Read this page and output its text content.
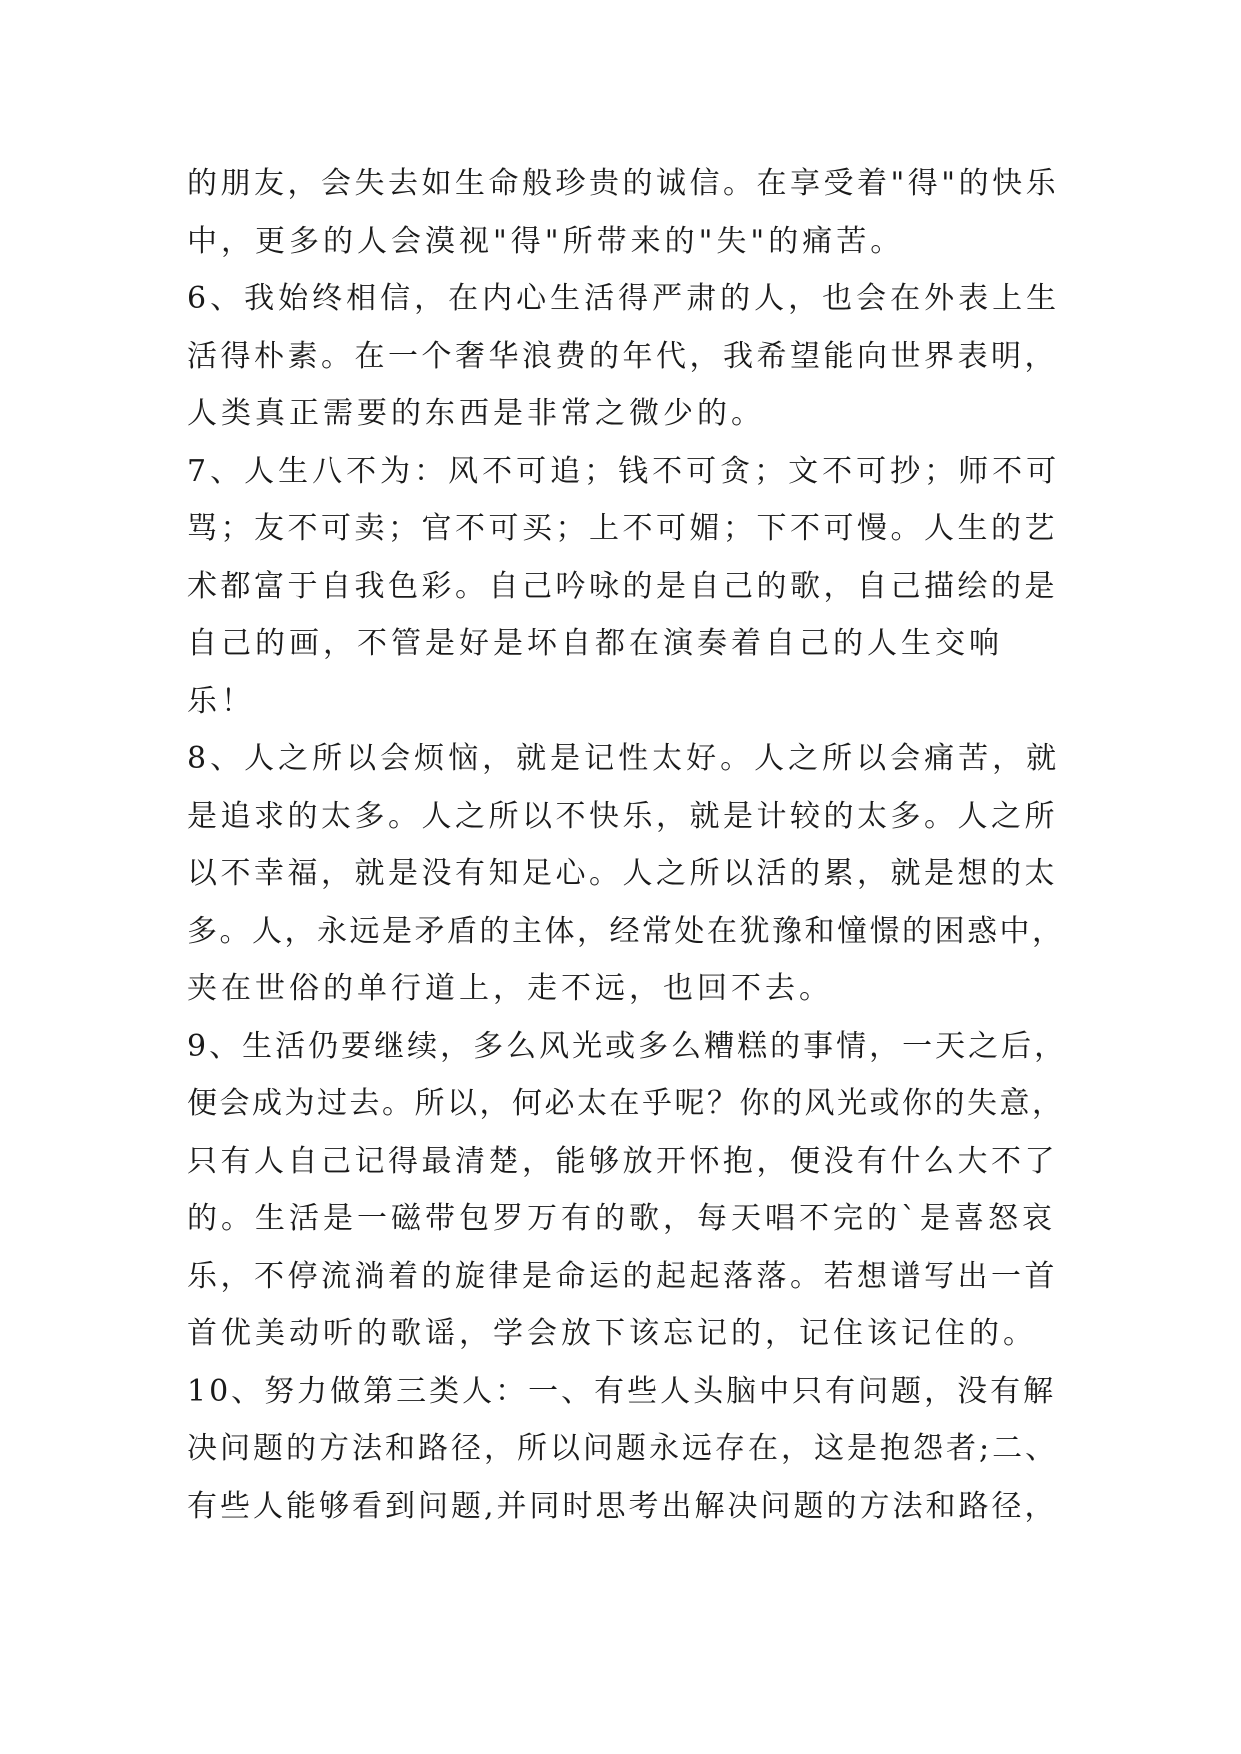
的朋友，会失去如生命般珍贵的诚信。在享受着"得"的快乐
中，更多的人会漠视"得"所带来的"失"的痛苦。
6、我始终相信，在内心生活得严肃的人，也会在外表上生
活得朴素。在一个奢华浪费的年代，我希望能向世界表明，
人类真正需要的东西是非常之微少的。
7、人生八不为：风不可追；钱不可贪；文不可抄；师不可
骂；友不可卖；官不可买；上不可媚；下不可慢。人生的艺
术都富于自我色彩。自己吟咏的是自己的歌，自己描绘的是
自己的画，不管是好是坏自都在演奏着自己的人生交响
乐！
8、人之所以会烦恼，就是记性太好。人之所以会痛苦，就
是追求的太多。人之所以不快乐，就是计较的太多。人之所
以不幸福，就是没有知足心。人之所以活的累，就是想的太
多。人，永远是矛盾的主体，经常处在犹豫和憧憬的困惑中，
夹在世俗的单行道上，走不远，也回不去。
9、生活仍要继续，多么风光或多么糟糕的事情，一天之后，
便会成为过去。所以，何必太在乎呢？你的风光或你的失意，
只有人自己记得最清楚，能够放开怀抱，便没有什么大不了
的。生活是一磁带包罗万有的歌，每天唱不完的`是喜怒哀
乐，不停流淌着的旋律是命运的起起落落。若想谱写出一首
首优美动听的歌谣，学会放下该忘记的，记住该记住的。
10、努力做第三类人：一、有些人头脑中只有问题，没有解
决问题的方法和路径，所以问题永远存在，这是抱怨者;二、
有些人能够看到问题,并同时思考出解决问题的方法和路径，
